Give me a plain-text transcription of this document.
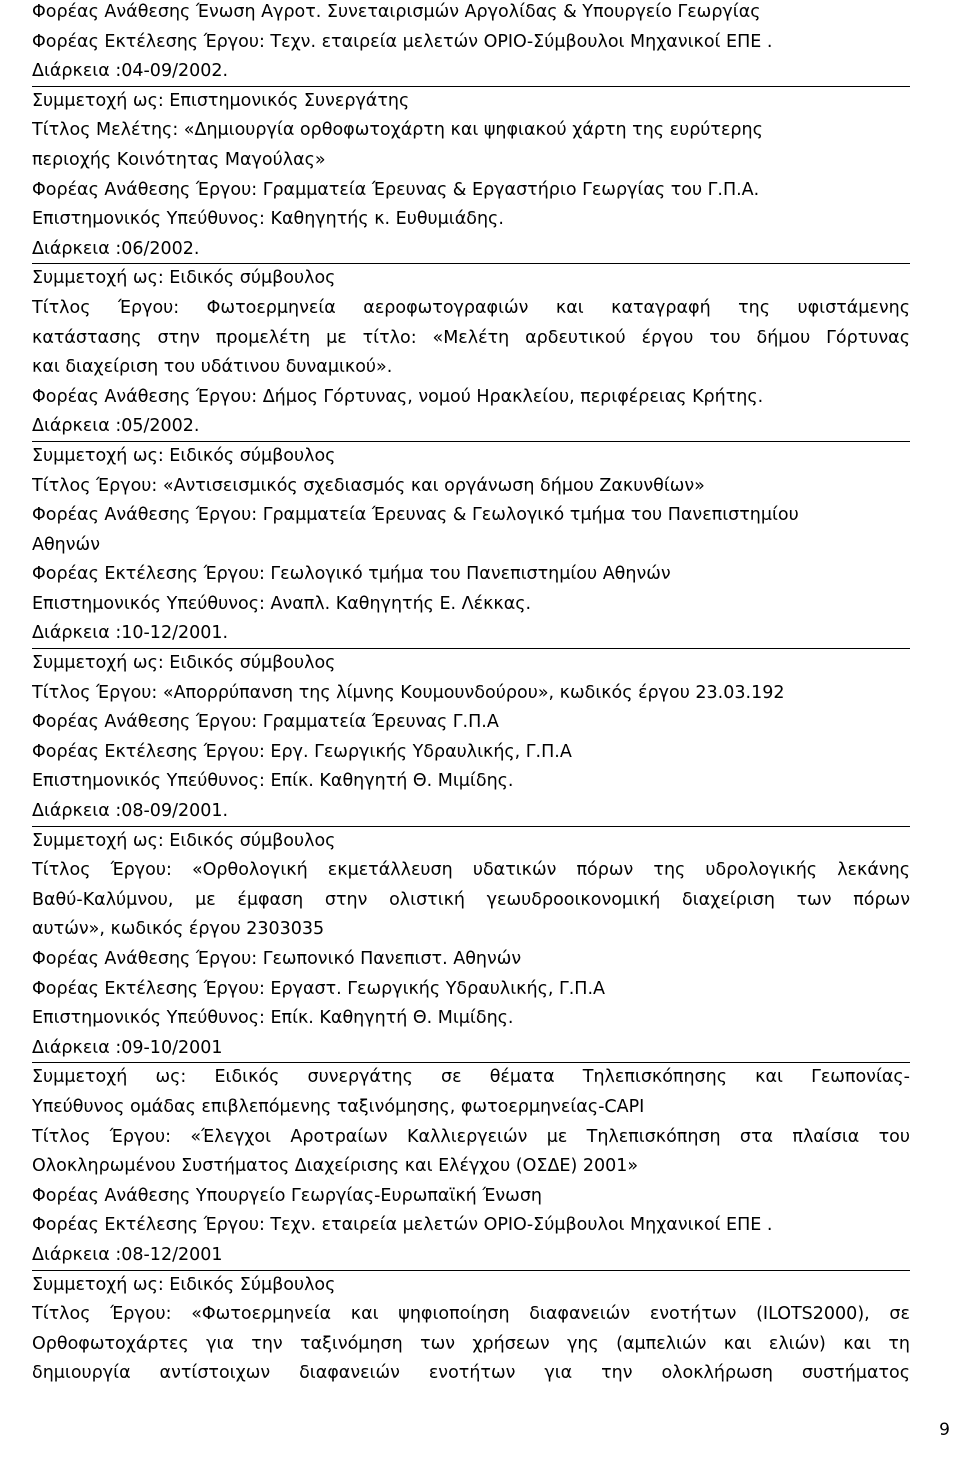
Φορέας Ανάθεσης Ένωση Αγροτ. Συνεταιρισμών Αργολίδας & Υπουργείο Γεωργίας
Φορέας Εκτέλεσης Έργου: Τεχν. εταιρεία μελετών ΟΡΙΟ-Σύμβουλοι Μηχανικοί ΕΠΕ .
Διάρκεια :04-09/2002.
Συμμετοχή ως: Επιστημονικός Συνεργάτης
Τίτλος Μελέτης: «Δημιουργία ορθοφωτοχάρτη και ψηφιακού χάρτη της ευρύτερης
περιοχής Κοινότητας Μαγούλας»
Φορέας Ανάθεσης Έργου: Γραμματεία Έρευνας & Εργαστήριο Γεωργίας του Γ.Π.Α.
Επιστημονικός Υπεύθυνος: Καθηγητής κ. Ευθυμιάδης.
Διάρκεια :06/2002.
Συμμετοχή ως: Ειδικός σύμβουλος
Τίτλος Έργου: Φωτοερμηνεία αεροφωτογραφιών και καταγραφή της υφιστάμενης
κατάστασης στην προμελέτη με τίτλο: «Μελέτη αρδευτικού έργου του δήμου Γόρτυνας
και διαχείριση του υδάτινου δυναμικού».
Φορέας Ανάθεσης Έργου: Δήμος Γόρτυνας, νομού Ηρακλείου, περιφέρειας Κρήτης.
Διάρκεια :05/2002.
Συμμετοχή ως: Ειδικός σύμβουλος
Τίτλος Έργου: «Αντισεισμικός σχεδιασμός και οργάνωση δήμου Ζακυνθίων»
Φορέας Ανάθεσης Έργου: Γραμματεία Έρευνας & Γεωλογικό τμήμα του Πανεπιστημίου
Αθηνών
Φορέας Εκτέλεσης Έργου: Γεωλογικό τμήμα του Πανεπιστημίου Αθηνών
Επιστημονικός Υπεύθυνος: Αναπλ. Καθηγητής Ε. Λέκκας.
Διάρκεια :10-12/2001.
Συμμετοχή ως: Ειδικός σύμβουλος
Τίτλος Έργου: «Απορρύπανση της λίμνης Κουμουνδούρου», κωδικός έργου 23.03.192
Φορέας Ανάθεσης Έργου: Γραμματεία Έρευνας Γ.Π.Α
Φορέας Εκτέλεσης Έργου: Εργ. Γεωργικής Υδραυλικής, Γ.Π.Α
Επιστημονικός Υπεύθυνος: Επίκ. Καθηγητή Θ. Μιμίδης.
Διάρκεια :08-09/2001.
Συμμετοχή ως: Ειδικός σύμβουλος
Τίτλος Έργου: «Ορθολογική εκμετάλλευση υδατικών πόρων της υδρολογικής λεκάνης
Βαθύ-Καλύμνου, με έμφαση στην ολιστική γεωυδροοικονομική διαχείριση των πόρων
αυτών», κωδικός έργου 2303035
Φορέας Ανάθεσης Έργου: Γεωπονικό Πανεπιστ. Αθηνών
Φορέας Εκτέλεσης Έργου: Εργαστ. Γεωργικής Υδραυλικής, Γ.Π.Α
Επιστημονικός Υπεύθυνος: Επίκ. Καθηγητή Θ. Μιμίδης.
Διάρκεια :09-10/2001
Συμμετοχή ως: Ειδικός συνεργάτης σε θέματα Τηλεπισκόπησης και Γεωπονίας-
Υπεύθυνος ομάδας επιβλεπόμενης ταξινόμησης, φωτοερμηνείας-CAPI
Τίτλος Έργου: «Έλεγχοι Αροτραίων Καλλιεργειών με Τηλεπισκόπηση στα πλαίσια του
Ολοκληρωμένου Συστήματος Διαχείρισης και Ελέγχου (ΟΣΔΕ) 2001»
Φορέας Ανάθεσης Υπουργείο Γεωργίας-Ευρωπαϊκή Ένωση
Φορέας Εκτέλεσης Έργου: Τεχν. εταιρεία μελετών ΟΡΙΟ-Σύμβουλοι Μηχανικοί ΕΠΕ .
Διάρκεια :08-12/2001
Συμμετοχή ως: Ειδικός Σύμβουλος
Τίτλος Έργου: «Φωτοερμηνεία και ψηφιοποίηση διαφανειών ενοτήτων (ILOTS2000), σε
Ορθοφωτοχάρτες για την ταξινόμηση των χρήσεων γης (αμπελιών και ελιών) και τη
δημιουργία αντίστοιχων διαφανειών ενοτήτων για την ολοκλήρωση συστήματος
9
